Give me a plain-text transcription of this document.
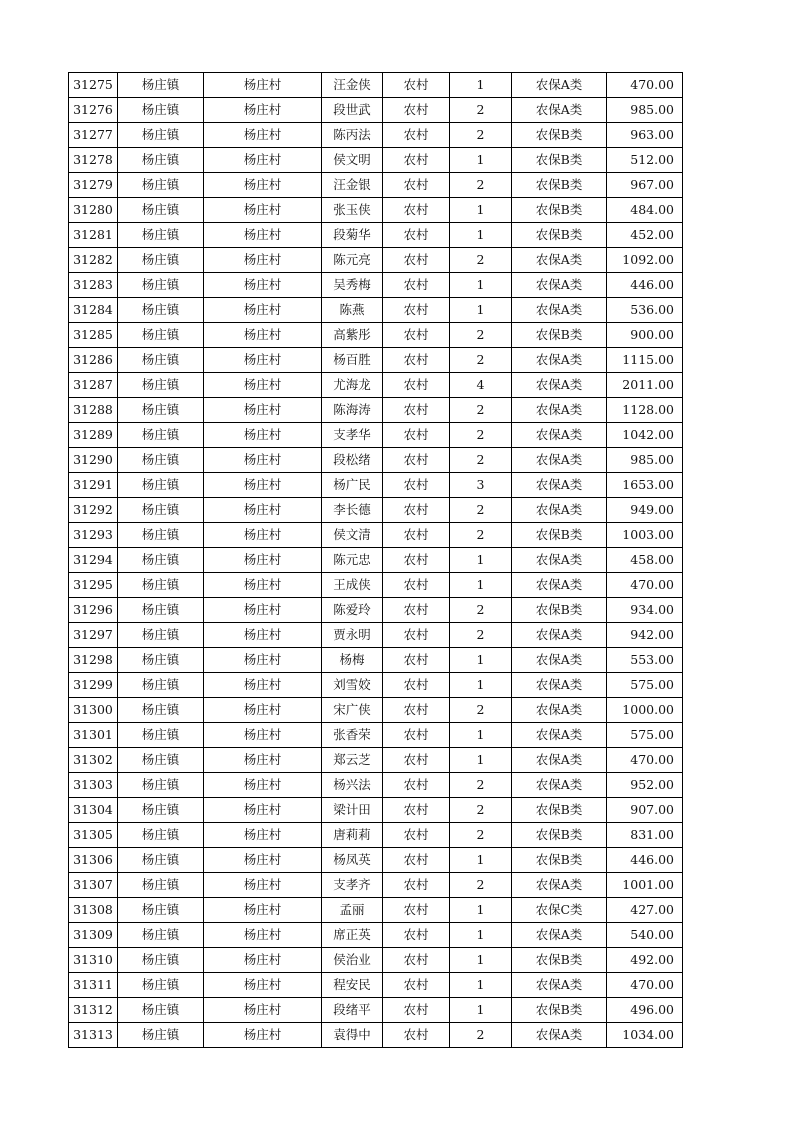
31275	杨庄镇	杨庄村	汪金侠	农村	1	农保A类	470.00
31276	杨庄镇	杨庄村	段世武	农村	2	农保A类	985.00
31277	杨庄镇	杨庄村	陈丙法	农村	2	农保B类	963.00
31278	杨庄镇	杨庄村	侯文明	农村	1	农保B类	512.00
31279	杨庄镇	杨庄村	汪金银	农村	2	农保B类	967.00
31280	杨庄镇	杨庄村	张玉侠	农村	1	农保B类	484.00
31281	杨庄镇	杨庄村	段菊华	农村	1	农保B类	452.00
31282	杨庄镇	杨庄村	陈元亮	农村	2	农保A类	1092.00
31283	杨庄镇	杨庄村	吴秀梅	农村	1	农保A类	446.00
31284	杨庄镇	杨庄村	陈燕	农村	1	农保A类	536.00
31285	杨庄镇	杨庄村	高紫彤	农村	2	农保B类	900.00
31286	杨庄镇	杨庄村	杨百胜	农村	2	农保A类	1115.00
31287	杨庄镇	杨庄村	尤海龙	农村	4	农保A类	2011.00
31288	杨庄镇	杨庄村	陈海涛	农村	2	农保A类	1128.00
31289	杨庄镇	杨庄村	支孝华	农村	2	农保A类	1042.00
31290	杨庄镇	杨庄村	段松绪	农村	2	农保A类	985.00
31291	杨庄镇	杨庄村	杨广民	农村	3	农保A类	1653.00
31292	杨庄镇	杨庄村	李长德	农村	2	农保A类	949.00
31293	杨庄镇	杨庄村	侯文清	农村	2	农保B类	1003.00
31294	杨庄镇	杨庄村	陈元忠	农村	1	农保A类	458.00
31295	杨庄镇	杨庄村	王成侠	农村	1	农保A类	470.00
31296	杨庄镇	杨庄村	陈爱玲	农村	2	农保B类	934.00
31297	杨庄镇	杨庄村	贾永明	农村	2	农保A类	942.00
31298	杨庄镇	杨庄村	杨梅	农村	1	农保A类	553.00
31299	杨庄镇	杨庄村	刘雪姣	农村	1	农保A类	575.00
31300	杨庄镇	杨庄村	宋广侠	农村	2	农保A类	1000.00
31301	杨庄镇	杨庄村	张香荣	农村	1	农保A类	575.00
31302	杨庄镇	杨庄村	郑云芝	农村	1	农保A类	470.00
31303	杨庄镇	杨庄村	杨兴法	农村	2	农保A类	952.00
31304	杨庄镇	杨庄村	梁计田	农村	2	农保B类	907.00
31305	杨庄镇	杨庄村	唐莉莉	农村	2	农保B类	831.00
31306	杨庄镇	杨庄村	杨凤英	农村	1	农保B类	446.00
31307	杨庄镇	杨庄村	支孝齐	农村	2	农保A类	1001.00
31308	杨庄镇	杨庄村	孟丽	农村	1	农保C类	427.00
31309	杨庄镇	杨庄村	席正英	农村	1	农保A类	540.00
31310	杨庄镇	杨庄村	侯治业	农村	1	农保B类	492.00
31311	杨庄镇	杨庄村	程安民	农村	1	农保A类	470.00
31312	杨庄镇	杨庄村	段绪平	农村	1	农保B类	496.00
31313	杨庄镇	杨庄村	袁得中	农村	2	农保A类	1034.00
